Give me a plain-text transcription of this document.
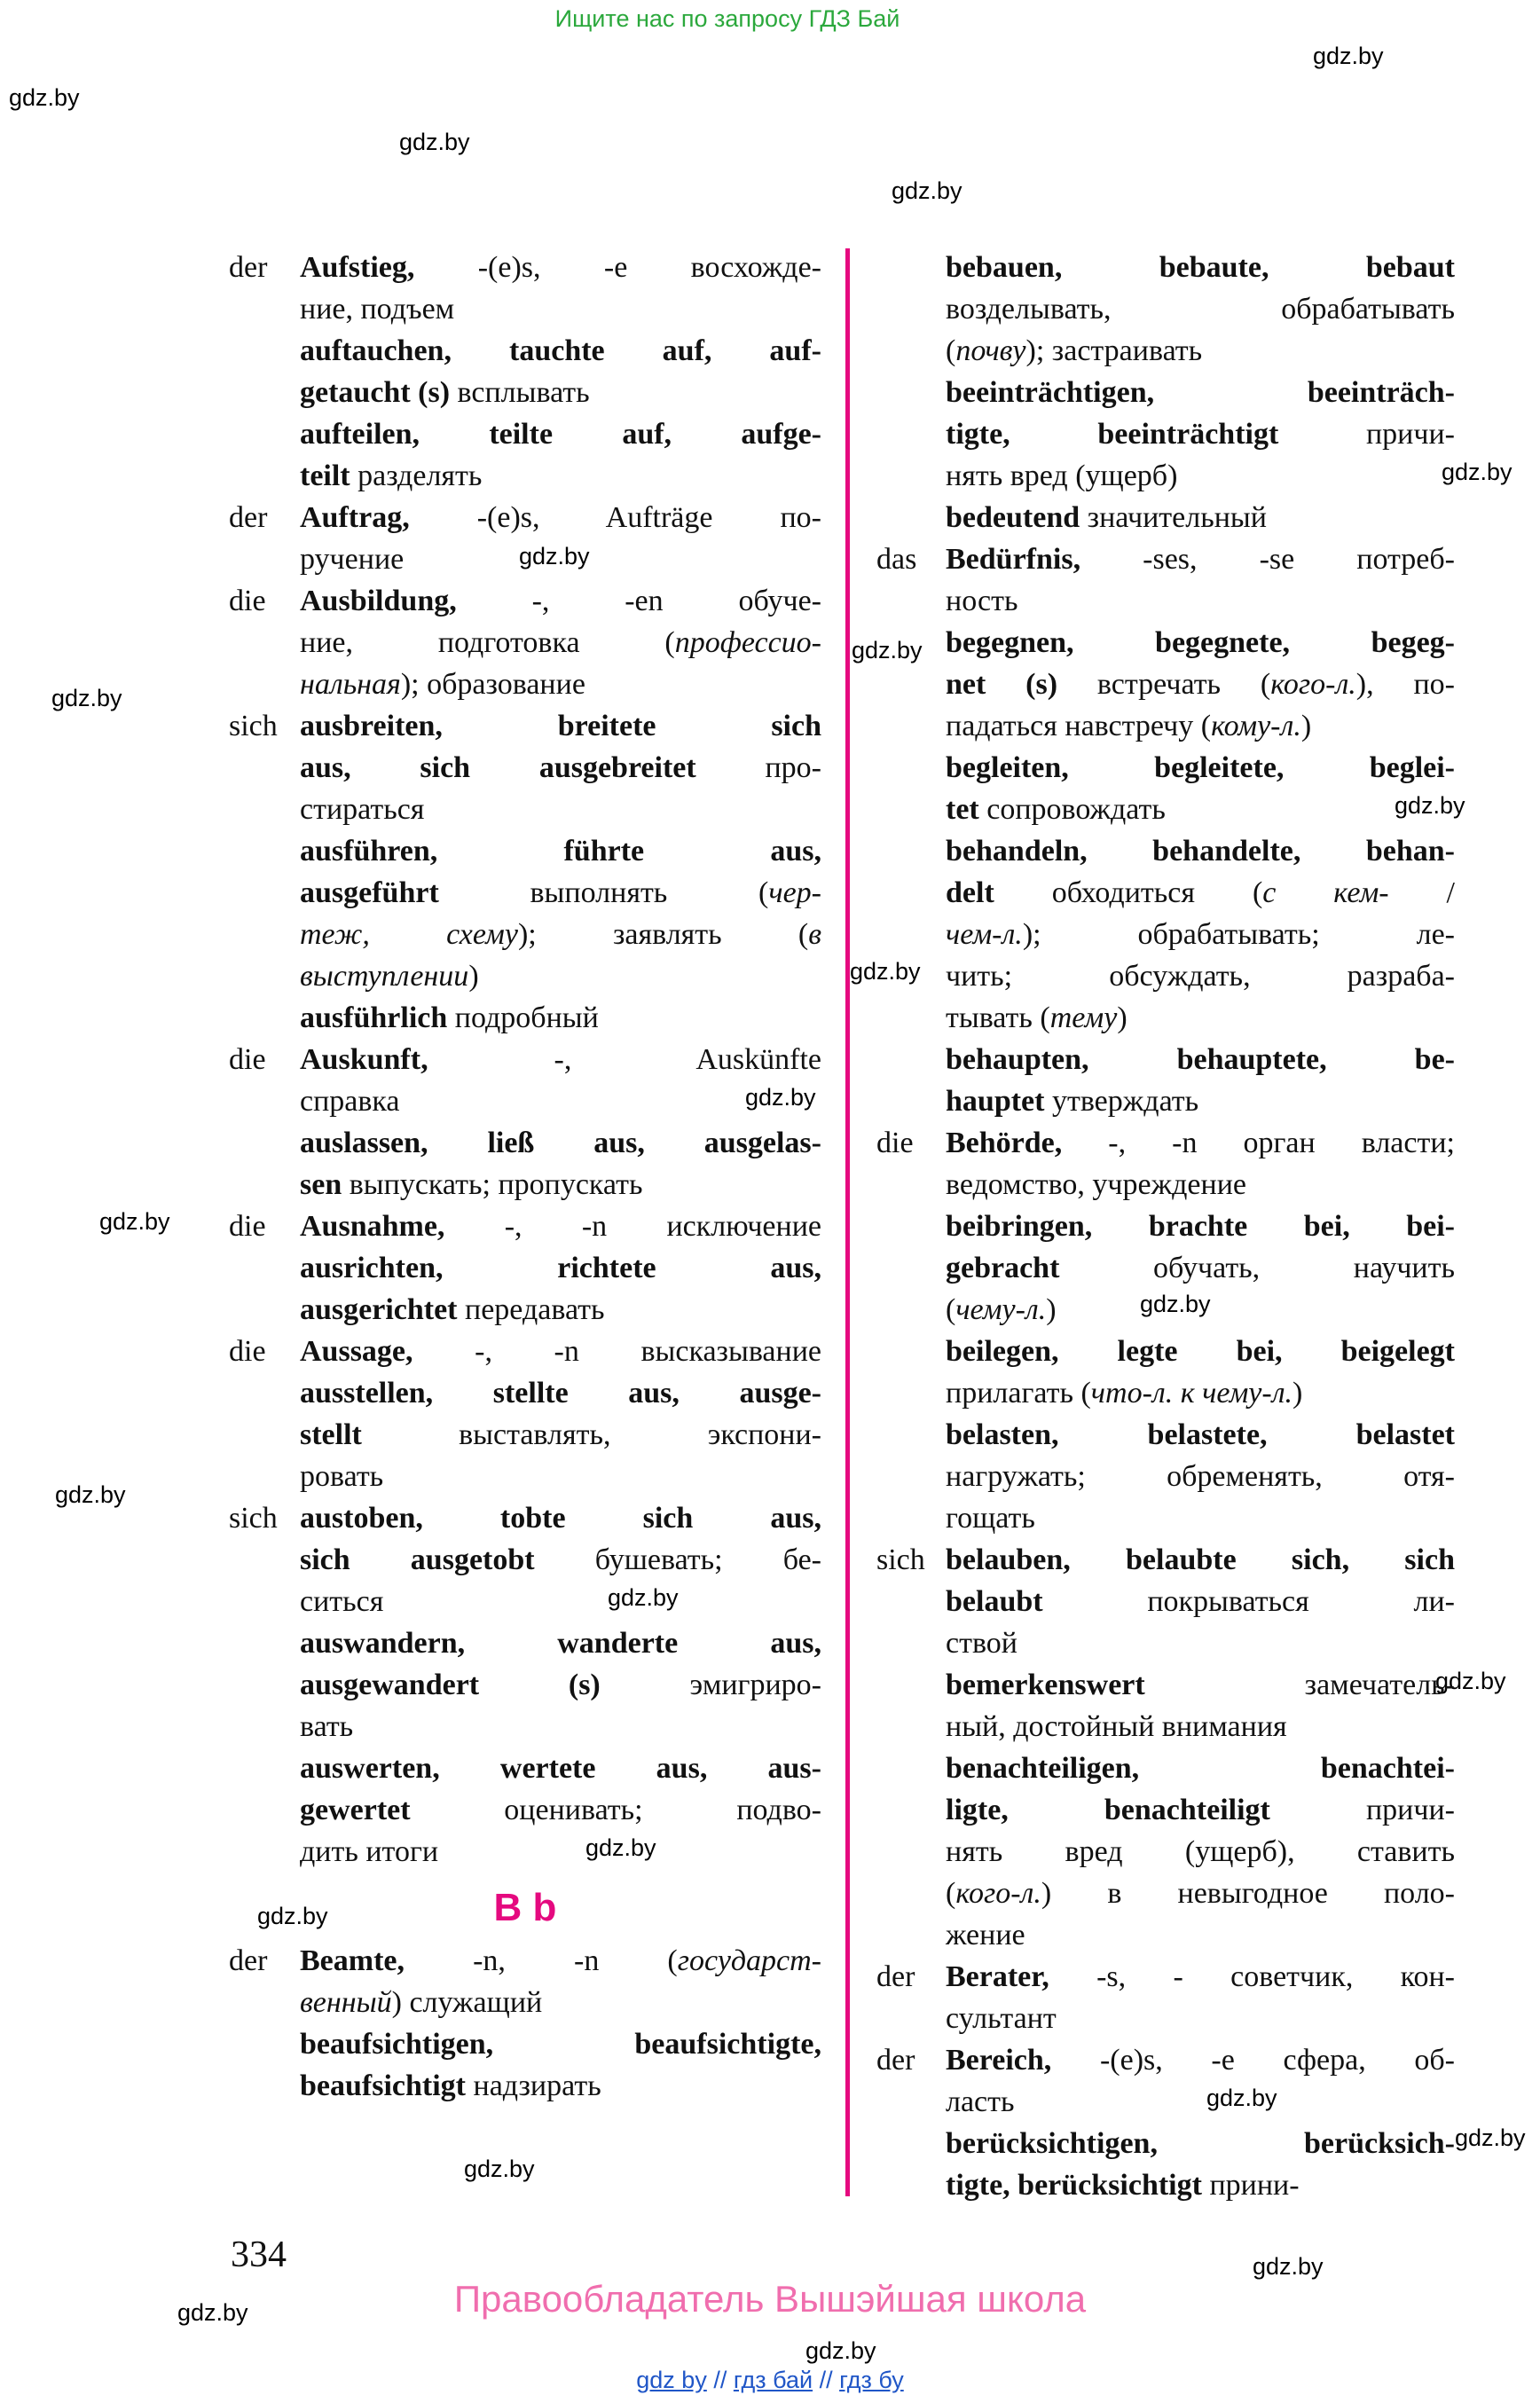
Ищите нас по запросу ГДЗ Бай
gdz.by
gdz.by
gdz.by
gdz.by
gdz.by
gdz.by
gdz.by
gdz.by
gdz.by
gdz.by
gdz.by
gdz.by
gdz.by
gdz.by
gdz.by
gdz.by
gdz.by
gdz.by
gdz.by
gdz.by
gdz.by
gdz.by
gdz.by
gdz.by
der Aufstieg, -(e)s, -e восхожде-
ние, подъем
auftauchen, tauchte auf, auf-
getaucht (s) всплывать
aufteilen, teilte auf, aufge-
teilt разделять
der Auftrag, -(e)s, Aufträge по-
ручение
die Ausbildung, -, -en обуче-
ние, подготовка (профессио-
нальная); образование
sich ausbreiten, breitete sich
aus, sich ausgebreitet про-
стираться
ausführen, führte aus,
ausgeführt выполнять (чер-
теж, схему); заявлять (в
выступлении)
ausführlich подробный
die Auskunft, -, Auskünfte
справка
auslassen, ließ aus, ausgelas-
sen выпускать; пропускать
die Ausnahme, -, -n исключение
ausrichten, richtete aus,
ausgerichtet передавать
die Aussage, -, -n высказывание
ausstellen, stellte aus, ausge-
stellt выставлять, экспони-
ровать
sich austoben, tobte sich aus,
sich ausgetobt бушевать; бе-
ситься
auswandern, wanderte aus,
ausgewandert (s) эмигриро-
вать
auswerten, wertete aus, aus-
gewertet оценивать; подво-
дить итоги
B b
der Beamte, -n, -n (государст-
венный) служащий
beaufsichtigen, beaufsichtigte,
beaufsichtigt надзирать
bebauen, bebaute, bebaut
возделывать, обрабатывать
(почву); застраивать
beeinträchtigen, beeinträch-
tigte, beeinträchtigt причи-
нять вред (ущерб)
bedeutend значительный
das Bedürfnis, -ses, -se потреб-
ность
begegnen, begegnete, begeg-
net (s) встречать (кого-л.), по-
падаться навстречу (кому-л.)
begleiten, begleitete, beglei-
tet сопровождать
behandeln, behandelte, behan-
delt обходиться (с кем- /
чем-л.); обрабатывать; ле-
чить; обсуждать, разраба-
тывать (тему)
behaupten, behauptete, be-
hauptet утверждать
die Behörde, -, -n орган власти;
ведомство, учреждение
beibringen, brachte bei, bei-
gebracht обучать, научить
(чему-л.)
beilegen, legte bei, beigelegt
прилагать (что-л. к чему-л.)
belasten, belastete, belastet
нагружать; обременять, отя-
гощать
sich belauben, belaubte sich, sich
belaubt покрываться ли-
ствой
bemerkenswert замечатель-
ный, достойный внимания
benachteiligen, benachtei-
ligte, benachteiligt причи-
нять вред (ущерб), ставить
(кого-л.) в невыгодное поло-
жение
der Berater, -s, - советчик, кон-
сультант
der Bereich, -(e)s, -e сфера, об-
ласть
berücksichtigen, berücksich-
tigte, berücksichtigt прини-
334
Правообладатель Вышэйшая школа
gdz by // гдз бай // гдз бу
